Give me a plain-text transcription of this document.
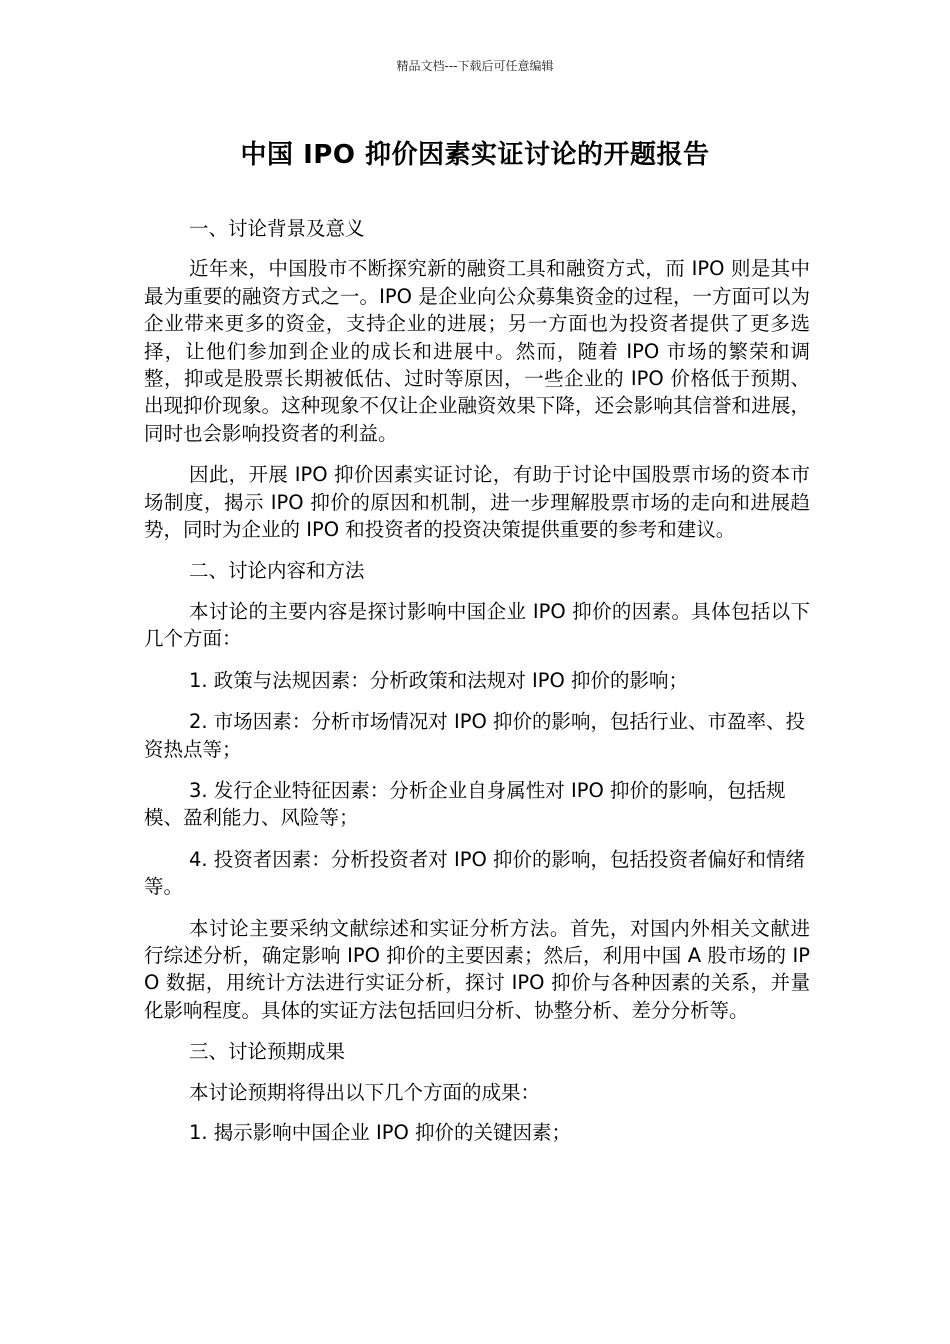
精品文档---下载后可任意编辑
中国 IPO 抑价因素实证讨论的开题报告

一、讨论背景及意义

近年来，中国股市不断探究新的融资工具和融资方式，而 IPO 则是其中最为重要的融资方式之一。IPO 是企业向公众募集资金的过程，一方面可以为企业带来更多的资金，支持企业的进展；另一方面也为投资者提供了更多选择，让他们参加到企业的成长和进展中。然而，随着 IPO 市场的繁荣和调整，抑或是股票长期被低估、过时等原因，一些企业的 IPO 价格低于预期、出现抑价现象。这种现象不仅让企业融资效果下降，还会影响其信誉和进展，同时也会影响投资者的利益。

因此，开展 IPO 抑价因素实证讨论，有助于讨论中国股票市场的资本市场制度，揭示 IPO 抑价的原因和机制，进一步理解股票市场的走向和进展趋势，同时为企业的 IPO 和投资者的投资决策提供重要的参考和建议。

二、讨论内容和方法

本讨论的主要内容是探讨影响中国企业 IPO 抑价的因素。具体包括以下几个方面：

1. 政策与法规因素：分析政策和法规对 IPO 抑价的影响；

2. 市场因素：分析市场情况对 IPO 抑价的影响，包括行业、市盈率、投资热点等；

3. 发行企业特征因素：分析企业自身属性对 IPO 抑价的影响，包括规模、盈利能力、风险等；

4. 投资者因素：分析投资者对 IPO 抑价的影响，包括投资者偏好和情绪等。

本讨论主要采纳文献综述和实证分析方法。首先，对国内外相关文献进行综述分析，确定影响 IPO 抑价的主要因素；然后，利用中国 A 股市场的 IPO 数据，用统计方法进行实证分析，探讨 IPO 抑价与各种因素的关系，并量化影响程度。具体的实证方法包括回归分析、协整分析、差分分析等。

三、讨论预期成果

本讨论预期将得出以下几个方面的成果：

1. 揭示影响中国企业 IPO 抑价的关键因素；
